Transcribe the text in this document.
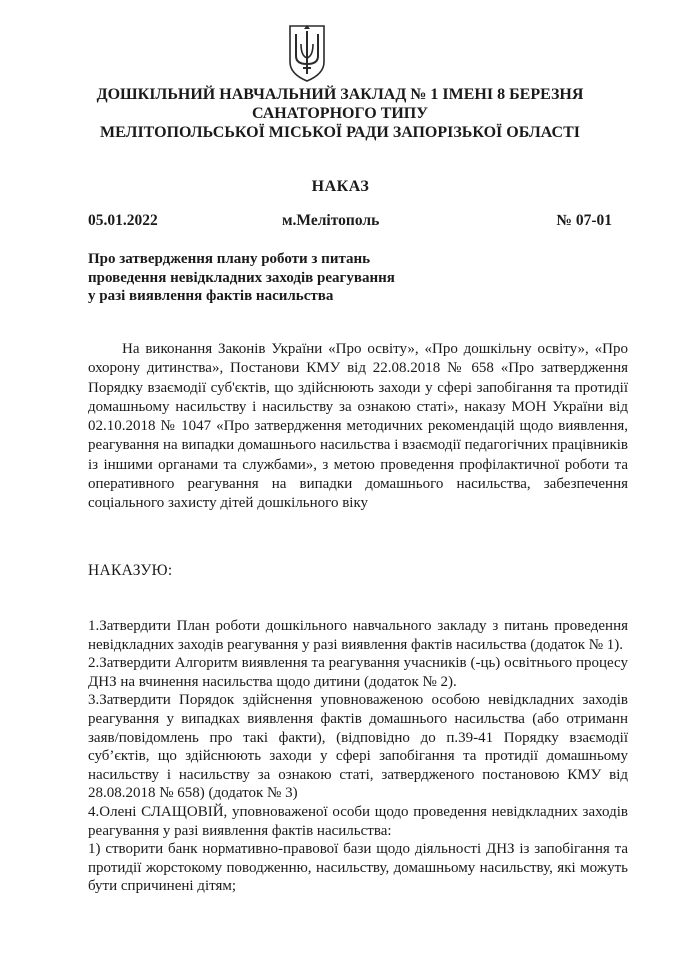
ДОШКІЛЬНИЙ НАВЧАЛЬНИЙ ЗАКЛАД № 1 ІМЕНІ 8 БЕРЕЗНЯ
САНАТОРНОГО ТИПУ
МЕЛІТОПОЛЬСЬКОЇ МІСЬКОЇ РАДИ ЗАПОРІЗЬКОЇ ОБЛАСТІ
НАКАЗ
05.01.2022	м.Мелітополь	№ 07-01
Про затвердження плану роботи з питань
проведення невідкладних заходів реагування
у разі виявлення фактів насильства
На виконання Законів України «Про освіту», «Про дошкільну освіту», «Про охорону дитинства», Постанови КМУ від 22.08.2018 № 658 «Про затвердження Порядку взаємодії суб'єктів, що здійснюють заходи у сфері запобігання та протидії домашньому насильству і насильству за ознакою статі», наказу МОН України від 02.10.2018 № 1047 «Про затвердження методичних рекомендацій щодо виявлення, реагування на випадки домашнього насильства і взаємодії педагогічних працівників із іншими органами та службами», з метою проведення профілактичної роботи та оперативного реагування на випадки домашнього насильства, забезпечення соціального захисту дітей дошкільного віку
НАКАЗУЮ:

1.Затвердити План роботи дошкільного навчального закладу з питань проведення невідкладних заходів реагування у разі виявлення фактів насильства (додаток № 1).

2.Затвердити Алгоритм виявлення та реагування учасників (-ць) освітнього процесу ДНЗ на вчинення насильства щодо дитини (додаток № 2).

3.Затвердити Порядок здійснення уповноваженою особою невідкладних заходів реагування у випадках виявлення фактів домашнього насильства (або отриманн заяв/повідомлень про такі факти), (відповідно до п.39-41 Порядку взаємодії суб’єктів, що здійснюють заходи у сфері запобігання та протидії домашньому насильству і насильству за ознакою статі, затвердженого постановою КМУ від 28.08.2018 № 658) (додаток № 3)

4.Олені СЛАЩОВІЙ, уповноваженої особи щодо проведення невідкладних заходів реагування у разі виявлення фактів насильства:

1) створити банк нормативно-правової бази щодо діяльності ДНЗ із запобігання та протидії жорстокому поводженню, насильству, домашньому насильству, які можуть бути спричинені дітям;
